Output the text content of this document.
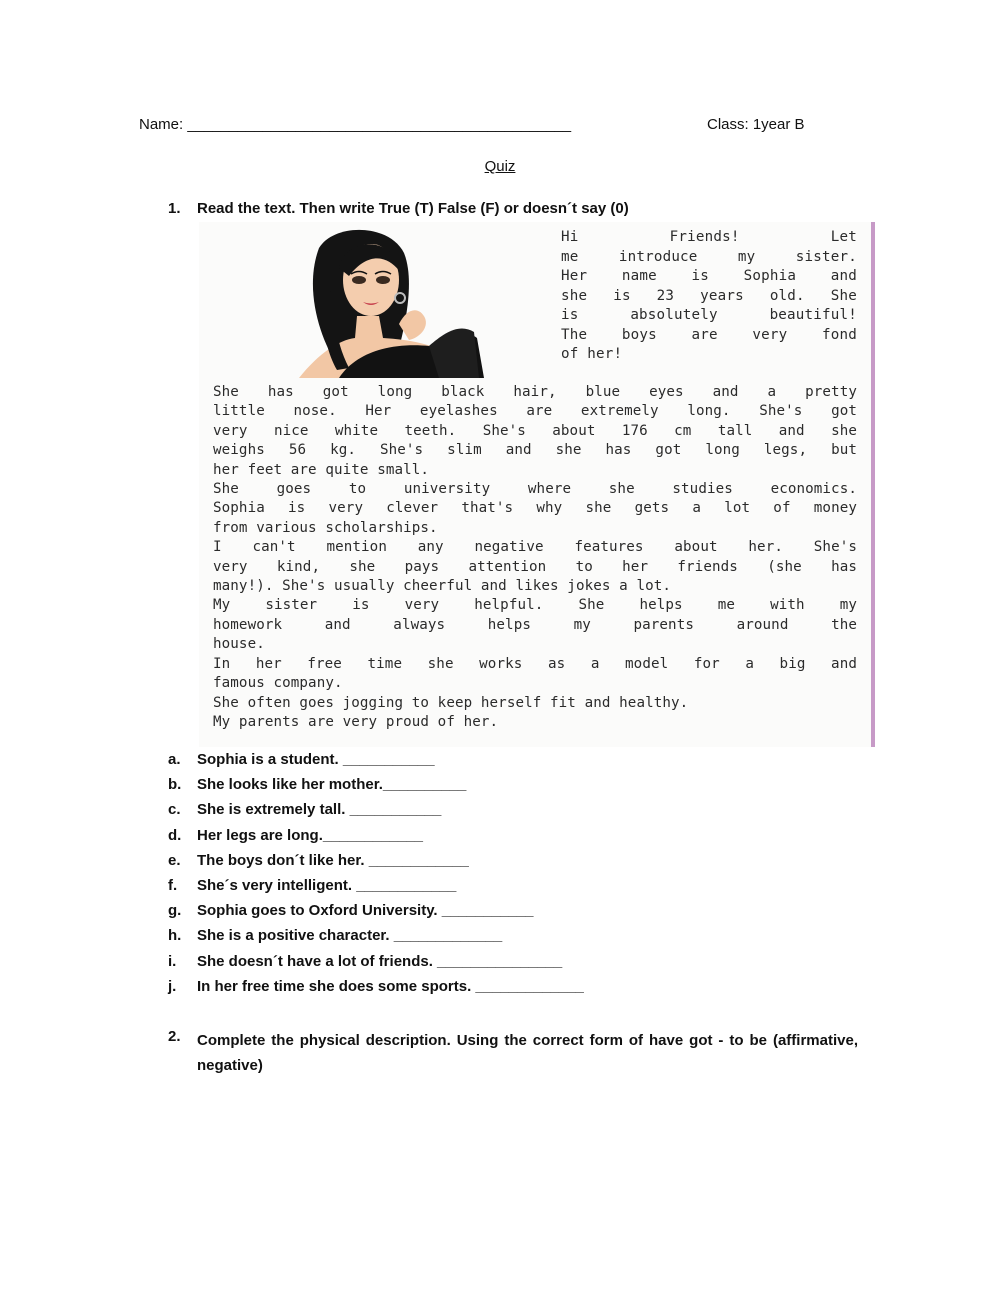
Name: ______________________________________________	Class: 1year B
Quiz
1. Read the text. Then write True (T) False (F) or doesn´t say (0)
Hi Friends! Let
me introduce my sister.
Her name is Sophia and
she is 23 years old. She
is absolutely beautiful!
The boys are very fond
of her!
She has got long black hair, blue eyes and a pretty
little nose. Her eyelashes are extremely long. She's got
very nice white teeth. She's about 176 cm tall and she
weighs 56 kg. She's slim and she has got long legs, but
her feet are quite small.
She goes to university where she studies economics.
Sophia is very clever that's why she gets a lot of money
from various scholarships.
I can't mention any negative features about her. She's
very kind, she pays attention to her friends (she has
many!). She's usually cheerful and likes jokes a lot.
My sister is very helpful. She helps me with my
homework and always helps my parents around the
house.
In her free time she works as a model for a big and
famous company.
She often goes jogging to keep herself fit and healthy.
My parents are very proud of her.
a. Sophia is a student. ___________
b. She looks like her mother.__________
c. She is extremely tall. ___________
d. Her legs are long.____________
e. The boys don´t like her. ____________
f. She´s very intelligent. ____________
g. Sophia goes to Oxford University. ___________
h. She is a positive character. _____________
i. She doesn´t have a lot of friends. _______________
j. In her free time she does some sports. _____________
2. Complete the physical description. Using the correct form of have got - to be (affirmative, negative)
